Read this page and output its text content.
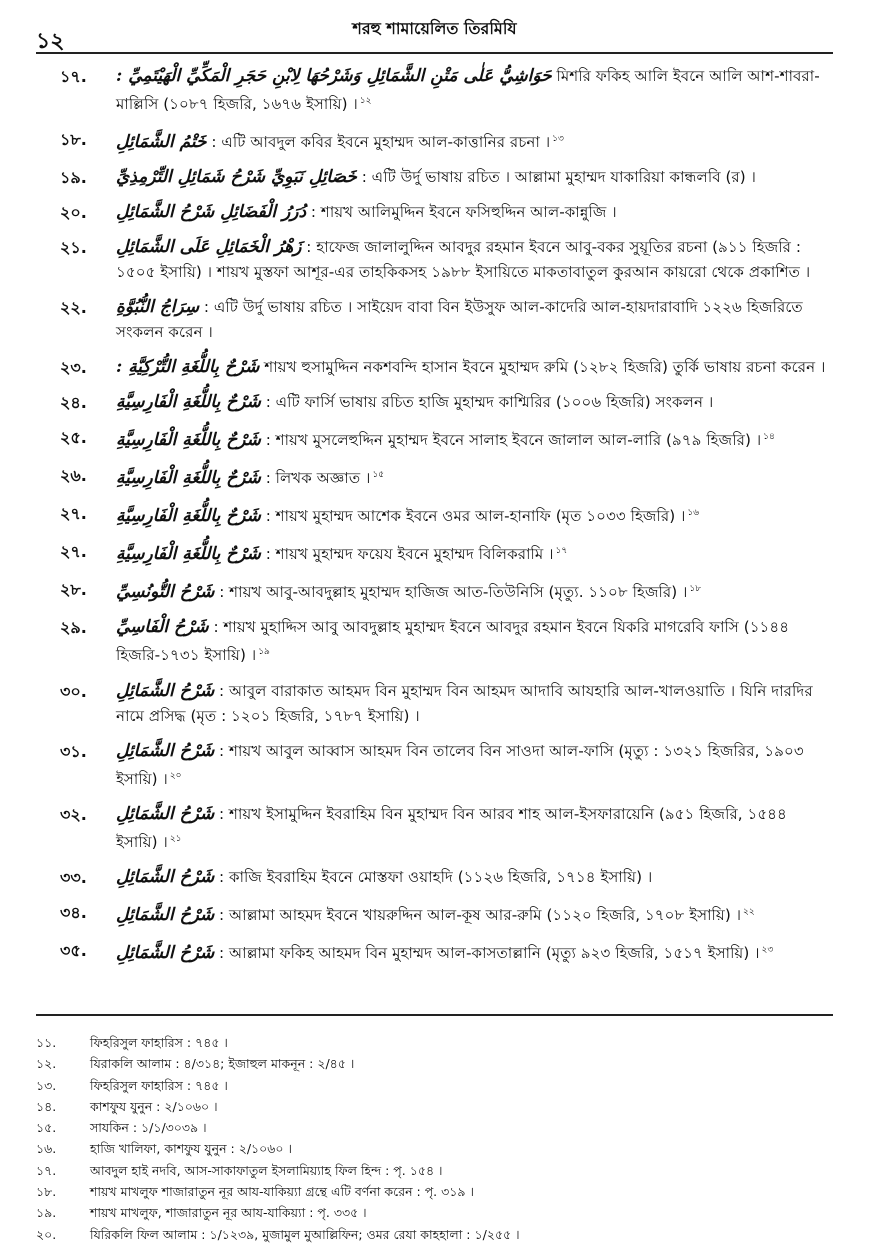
১২
শরহু শামায়েলিত তিরমিযি
১৭. حَوَاشِيُّ عَلٰى مَتْنِ الشَّمَائِلِ وَشَرْحُهَا لِابْنِ حَجَرِ الْمَكِّيِّ الْهَيْتَمِيِّ : মিশরি ফকিহ আলি ইবনে আলি আশ-শাবরা-মাল্লিসি (১০৮৭ হিজরি, ১৬৭৬ ইসায়ি) । $^{১২}$
১৮. خَتْمُ الشَّمَائِلِ : এটি আবদুল কবির ইবনে মুহাম্মদ আল-কাত্তানির রচনা । $^{১৩}$
১৯. خَصَائِلِ نَبَوِيِّ شَرْحُ شَمَائِلِ التِّرْمِذِيِّ : এটি উর্দু ভাষায় রচিত । আল্লামা মুহাম্মদ যাকারিয়া কান্ধলবি (র) ।
২০. دُرَرُ الْفَضَائِلِ شَرْحُ الشَّمَائِلِ : শায়খ আলিমুদ্দিন ইবনে ফসিহুদ্দিন আল-কান্নুজি ।
২১. زَهْرُ الْخَمَائِلِ عَلَى الشَّمَائِلِ : হাফেজ জালালুদ্দিন আবদুর রহমান ইবনে আবু-বকর সুয়ূতির রচনা (৯১১ হিজরি : ১৫০৫ ইসায়ি) । শায়খ মুস্তফা আশূর-এর তাহকিকসহ ১৯৮৮ ইসায়িতে মাকতাবাতুল কুরআন কায়রো থেকে প্রকাশিত ।
২২. سِرَاجُ النُّبُوَّةِ : এটি উর্দু ভাষায় রচিত । সাইয়েদ বাবা বিন ইউসুফ আল-কাদেরি আল-হায়দারাবাদি ১২২৬ হিজরিতে সংকলন করেন ।
২৩. شَرْحٌ بِاللُّغَةِ التُّرْكِيَّةِ : শায়খ হুসামুদ্দিন নকশবন্দি হাসান ইবনে মুহাম্মদ রুমি (১২৮২ হিজরি) তুর্কি ভাষায় রচনা করেন ।
২৪. شَرْحٌ بِاللُّغَةِ الْفَارِسِيَّةِ : এটি ফার্সি ভাষায় রচিত হাজি মুহাম্মদ কাশ্মিরির (১০০৬ হিজরি) সংকলন ।
২৫. شَرْحٌ بِاللُّغَةِ الْفَارِسِيَّةِ : শায়খ মুসলেহুদ্দিন মুহাম্মদ ইবনে সালাহ ইবনে জালাল আল-লারি (৯৭৯ হিজরি) । $^{১৪}$
২৬. شَرْحٌ بِاللُّغَةِ الْفَارِسِيَّةِ : লিখক অজ্ঞাত । $^{১৫}$
২৭. شَرْحٌ بِاللُّغَةِ الْفَارِسِيَّةِ : শায়খ মুহাম্মদ আশেক ইবনে ওমর আল-হানাফি (মৃত ১০৩৩ হিজরি) । $^{১৬}$
২৭. شَرْحٌ بِاللُّغَةِ الْفَارِسِيَّةِ : শায়খ মুহাম্মদ ফয়েয ইবনে মুহাম্মদ বিলিকরামি । $^{১৭}$
২৮. شَرْحُ التُّونُسِيِّ : শায়খ আবু-আবদুল্লাহ মুহাম্মদ হাজিজ আত-তিউনিসি (মৃত্যু. ১১০৮ হিজরি) । $^{১৮}$
২৯. شَرْحُ الْفَاسِيِّ : শায়খ মুহাদ্দিস আবু আবদুল্লাহ মুহাম্মদ ইবনে আবদুর রহমান ইবনে যিকরি মাগরেবি ফাসি (১১৪৪ হিজরি-১৭৩১ ইসায়ি) । $^{১৯}$
৩০. شَرْحُ الشَّمَائِلِ : আবুল বারাকাত আহমদ বিন মুহাম্মদ বিন আহমদ আদাবি আযহারি আল-খালওয়াতি । যিনি দারদির নামে প্রসিদ্ধ (মৃত : ১২০১ হিজরি, ১৭৮৭ ইসায়ি) ।
৩১. شَرْحُ الشَّمَائِلِ : শায়খ আবুল আব্বাস আহমদ বিন তালেব বিন সাওদা আল-ফাসি (মৃত্যু : ১৩২১ হিজরির, ১৯০৩ ইসায়ি) । $^{২০}$
৩২. شَرْحُ الشَّمَائِلِ : শায়খ ইসামুদ্দিন ইবরাহিম বিন মুহাম্মদ বিন আরব শাহ আল-ইসফারায়েনি (৯৫১ হিজরি, ১৫৪৪ ইসায়ি) । $^{২১}$
৩৩. شَرْحُ الشَّمَائِلِ : কাজি ইবরাহিম ইবনে মোস্তফা ওয়াহদি (১১২৬ হিজরি, ১৭১৪ ইসায়ি) ।
৩৪. شَرْحُ الشَّمَائِلِ : আল্লামা আহমদ ইবনে খায়রুদ্দিন আল-কূষ আর-রুমি (১১২০ হিজরি, ১৭০৮ ইসায়ি) । $^{২২}$
৩৫. شَرْحُ الشَّمَائِلِ : আল্লামা ফকিহ আহমদ বিন মুহাম্মদ আল-কাসতাল্লানি (মৃত্যু ৯২৩ হিজরি, ১৫১৭ ইসায়ি) । $^{২৩}$
১১.	ফিহরিসুল ফাহারিস : ৭৪৫ ।
১২.	যিরাকলি আলাম : ৪/৩১৪; ইজাহুল মাকনূন : ২/৪৫ ।
১৩.	ফিহরিসুল ফাহারিস : ৭৪৫ ।
১৪.	কাশফুয যুনুন : ২/১০৬০ ।
১৫.	সাযকিন : ১/১/৩০৩৯ ।
১৬.	হাজি খালিফা, কাশফুয যুনুন : ২/১০৬০ ।
১৭.	আবদুল হাই নদবি, আস-সাকাফাতুল ইসলামিয়্যাহ ফিল হিন্দ : পৃ. ১৫৪ ।
১৮.	শায়খ মাখলুফ শাজারাতুন নূর আয-যাকিয়্যা গ্রন্থে এটি বর্ণনা করেন : পৃ. ৩১৯ ।
১৯.	শায়খ মাখলুফ, শাজারাতুন নূর আয-যাকিয়্যা : পৃ. ৩৩৫ ।
২০.	যিরিকলি ফিল আলাম : ১/১২৩৯, মুজামুল মুআল্লিফিন; ওমর রেযা কাহহালা : ১/২৫৫ ।
